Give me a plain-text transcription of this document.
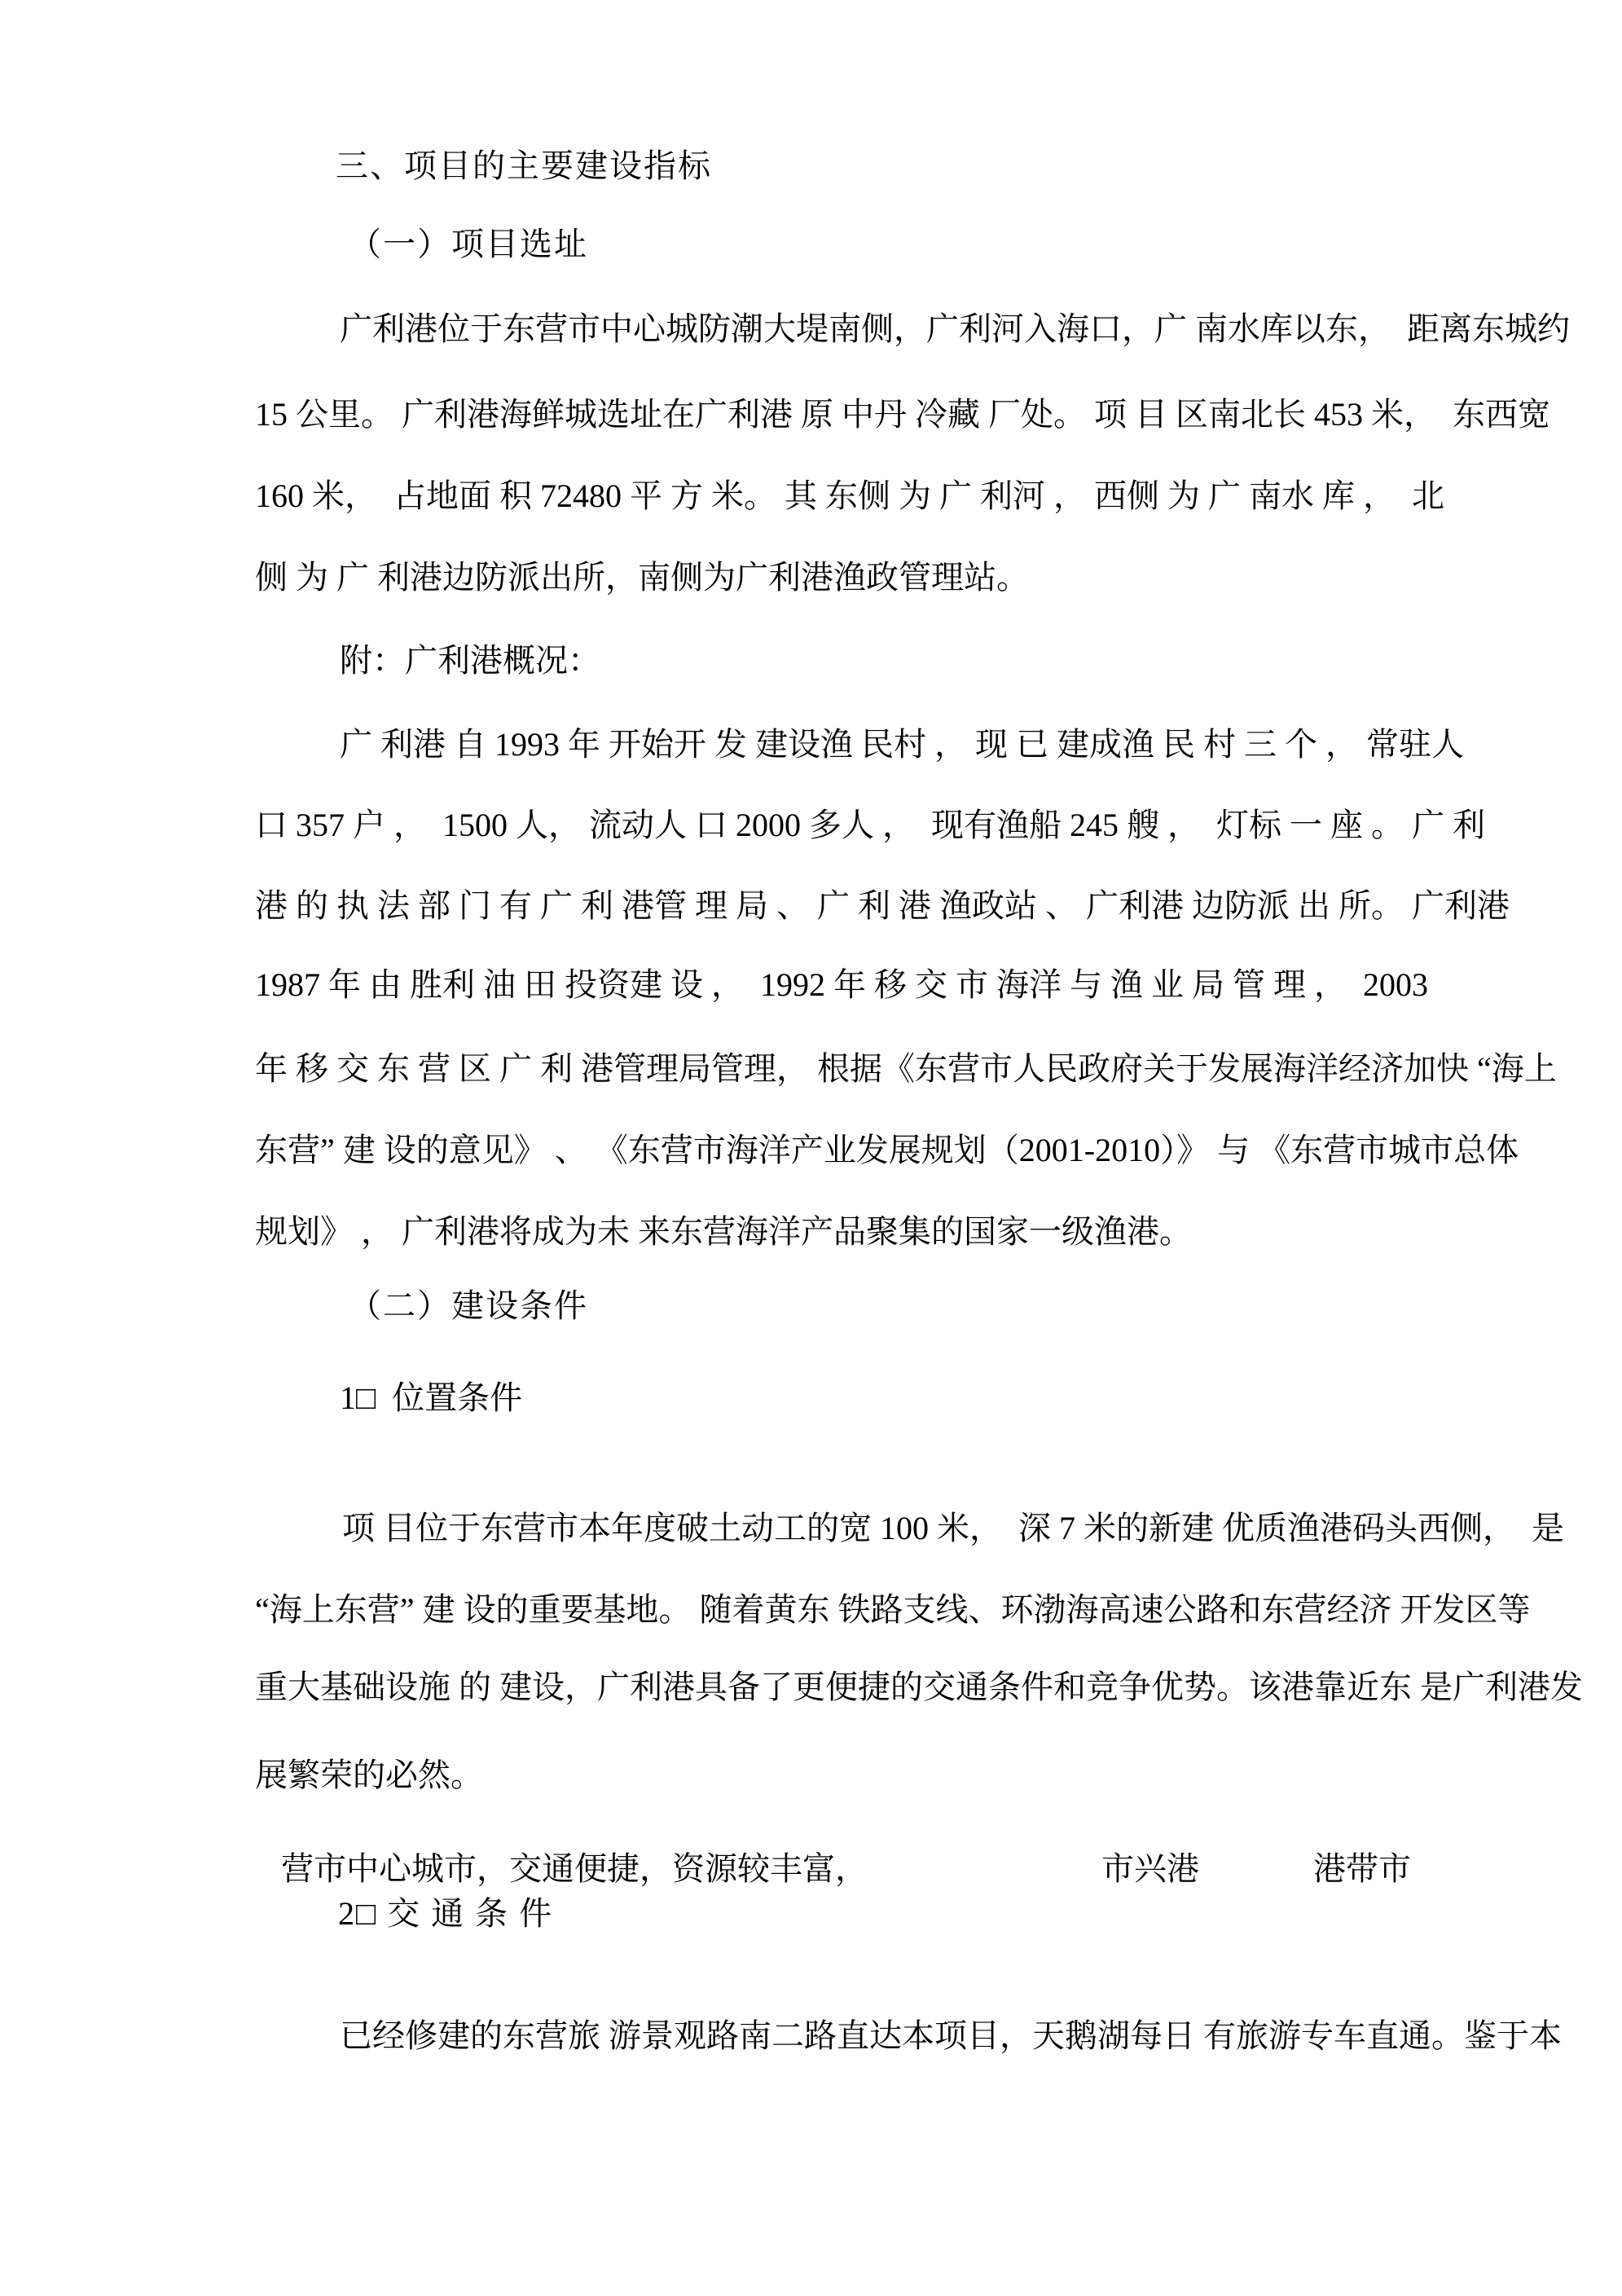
三、项目的主要建设指标
（一）项目选址
广利港位于东营市中心城防潮大堤南侧，广利河入海口，广 南水库以东，  距离东城约
15 公里。 广利港海鲜城选址在广利港 原 中丹 冷藏 厂处。 项 目 区南北长 453 米，  东西宽
160 米，  占地面 积 72480 平 方 米。 其 东侧 为 广 利河 ， 西侧 为 广 南水 库 ，  北
侧 为 广 利港边防派出所，南侧为广利港渔政管理站。
附：广利港概况：
广 利港 自 1993 年 开始开 发 建设渔 民村 ， 现 已 建成渔 民 村 三 个 ， 常驻人
口 357 户 ，  1500 人， 流动人 口 2000 多人 ，  现有渔船 245 艘 ，  灯标 一 座 。 广 利
港 的 执 法 部 门 有 广 利 港管 理 局 、 广 利 港 渔政站 、 广利港 边防派 出 所。 广利港
1987 年 由 胜利 油 田 投资建 设 ，  1992 年 移 交 市 海洋 与 渔 业 局 管 理 ，  2003
年 移 交 东 营 区 广 利 港管理局管理， 根据《东营市人民政府关于发展海洋经济加快 “海上
东营” 建 设的意见》 、 《东营市海洋产业发展规划（2001-2010）》 与 《东营市城市总体
规划》 ， 广利港将成为未 来东营海洋产品聚集的国家一级渔港。
（二）建设条件
1□  位置条件
项 目位于东营市本年度破土动工的宽 100 米，  深 7 米的新建 优质渔港码头西侧，  是
“海上东营” 建 设的重要基地。 随着黄东 铁路支线、环渤海高速公路和东营经济 开发区等
重大基础设施 的 建设，广利港具备了更便捷的交通条件和竞争优势。该港靠近东 是广利港发
展繁荣的必然。
营市中心城市，交通便捷，资源较丰富，	市兴港	港带市
2□ 交 通 条 件
已经修建的东营旅 游景观路南二路直达本项目，天鹅湖每日 有旅游专车直通。鉴于本
